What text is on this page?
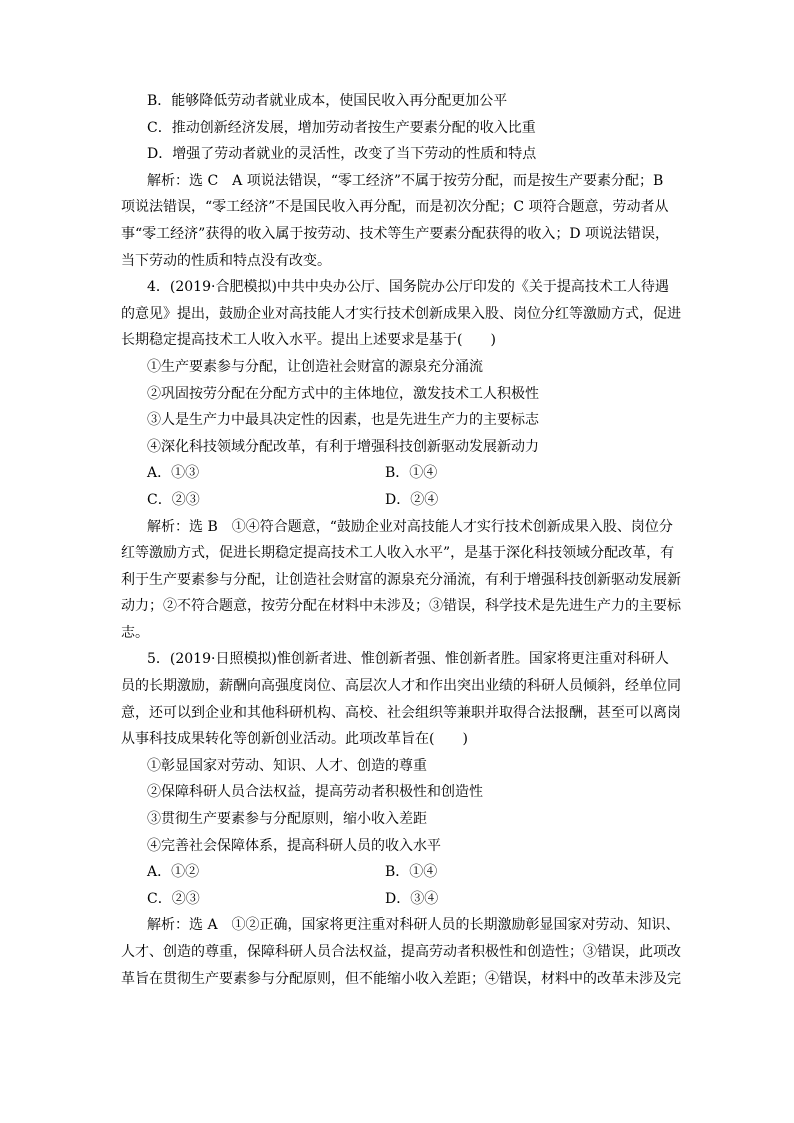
B．能够降低劳动者就业成本，使国民收入再分配更加公平
C．推动创新经济发展，增加劳动者按生产要素分配的收入比重
D．增强了劳动者就业的灵活性，改变了当下劳动的性质和特点
解析：选 C　A 项说法错误，“零工经济”不属于按劳分配，而是按生产要素分配；B
项说法错误，“零工经济”不是国民收入再分配，而是初次分配；C 项符合题意，劳动者从
事“零工经济”获得的收入属于按劳动、技术等生产要素分配获得的收入；D 项说法错误，
当下劳动的性质和特点没有改变。
4．(2019·合肥模拟)中共中央办公厅、国务院办公厅印发的《关于提高技术工人待遇
的意见》提出，鼓励企业对高技能人才实行技术创新成果入股、岗位分红等激励方式，促进
长期稳定提高技术工人收入水平。提出上述要求是基于(　　)
①生产要素参与分配，让创造社会财富的源泉充分涌流
②巩固按劳分配在分配方式中的主体地位，激发技术工人积极性
③人是生产力中最具决定性的因素，也是先进生产力的主要标志
④深化科技领域分配改革，有利于增强科技创新驱动发展新动力
A．①③	B．①④
C．②③	D．②④
解析：选 B　①④符合题意，“鼓励企业对高技能人才实行技术创新成果入股、岗位分
红等激励方式，促进长期稳定提高技术工人收入水平”，是基于深化科技领域分配改革，有
利于生产要素参与分配，让创造社会财富的源泉充分涌流，有利于增强科技创新驱动发展新
动力；②不符合题意，按劳分配在材料中未涉及；③错误，科学技术是先进生产力的主要标
志。
5．(2019·日照模拟)惟创新者进、惟创新者强、惟创新者胜。国家将更注重对科研人
员的长期激励，薪酬向高强度岗位、高层次人才和作出突出业绩的科研人员倾斜，经单位同
意，还可以到企业和其他科研机构、高校、社会组织等兼职并取得合法报酬，甚至可以离岗
从事科技成果转化等创新创业活动。此项改革旨在(　　)
①彰显国家对劳动、知识、人才、创造的尊重
②保障科研人员合法权益，提高劳动者积极性和创造性
③贯彻生产要素参与分配原则，缩小收入差距
④完善社会保障体系，提高科研人员的收入水平
A．①②	B．①④
C．②③	D．③④
解析：选 A　①②正确，国家将更注重对科研人员的长期激励彰显国家对劳动、知识、
人才、创造的尊重，保障科研人员合法权益，提高劳动者积极性和创造性；③错误，此项改
革旨在贯彻生产要素参与分配原则，但不能缩小收入差距；④错误，材料中的改革未涉及完
